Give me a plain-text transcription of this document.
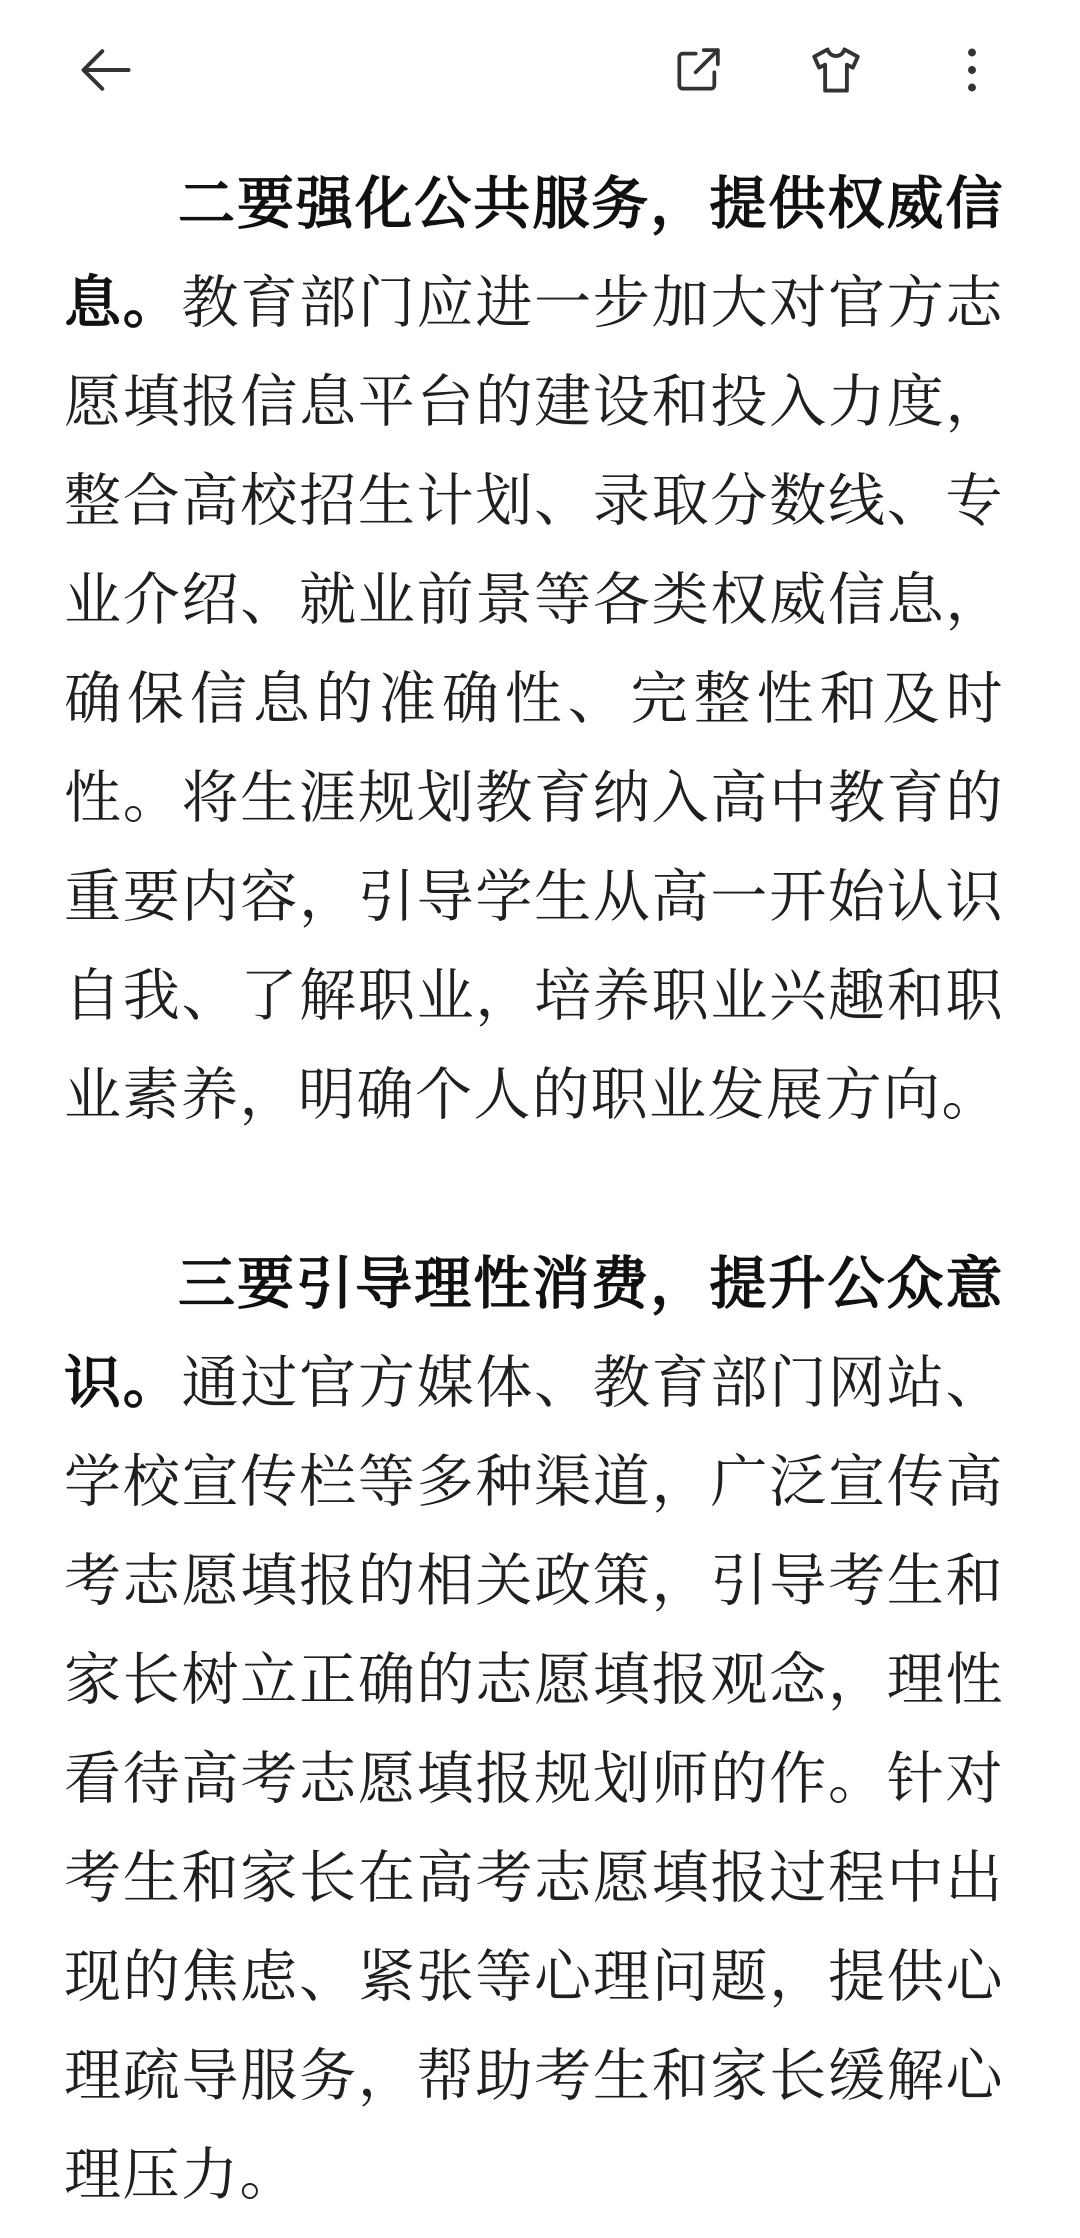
二要强化公共服务，提供权威信息。教育部门应进一步加大对官方志愿填报信息平台的建设和投入力度，整合高校招生计划、录取分数线、专业介绍、就业前景等各类权威信息，确保信息的准确性、完整性和及时性。将生涯规划教育纳入高中教育的重要内容，引导学生从高一开始认识自我、了解职业，培养职业兴趣和职业素养，明确个人的职业发展方向。

三要引导理性消费，提升公众意识。通过官方媒体、教育部门网站、学校宣传栏等多种渠道，广泛宣传高考志愿填报的相关政策，引导考生和家长树立正确的志愿填报观念，理性看待高考志愿填报规划师的作。针对考生和家长在高考志愿填报过程中出现的焦虑、紧张等心理问题，提供心理疏导服务，帮助考生和家长缓解心理压力。
